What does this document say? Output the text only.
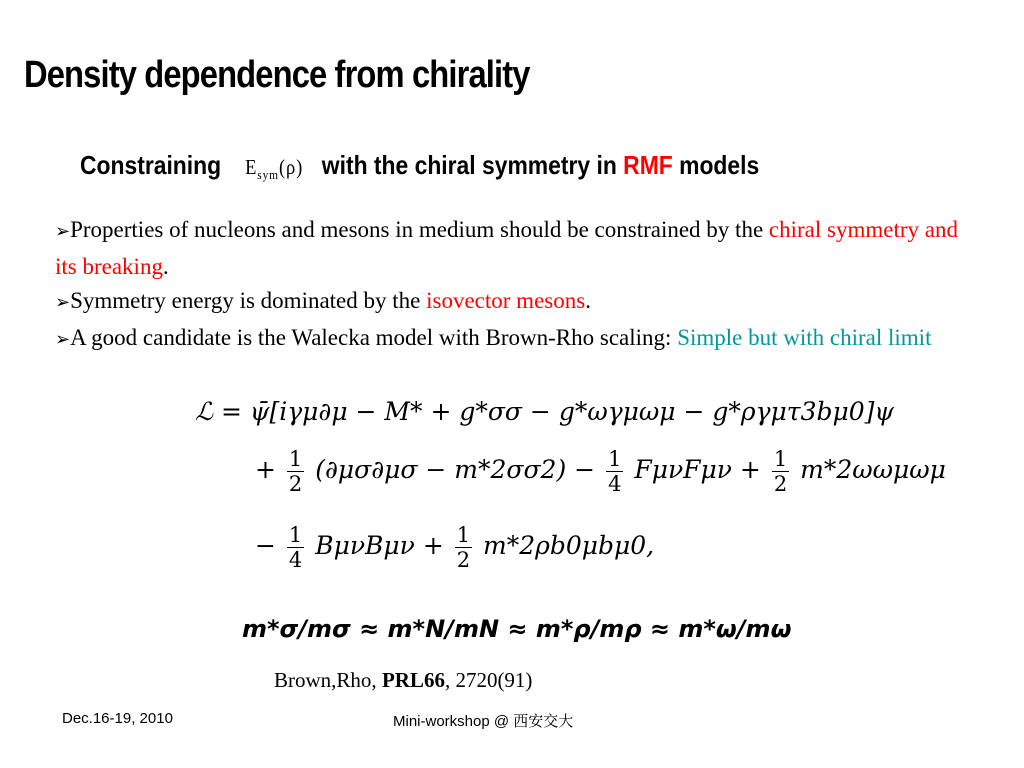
Density dependence from chirality
Constraining $E_{sym}(\rho)$ with the chiral symmetry in RMF models

➢Properties of nucleons and mesons in medium should be constrained by the chiral symmetry and its breaking.

➢Symmetry energy is dominated by the isovector mesons.

➢A good candidate is the Walecka model with Brown-Rho scaling: Simple but with chiral limit

ℒ = ψ̄[iγμ∂μ − M* + g*σσ − g*ωγμωμ − g*ργμτ3bμ0]ψ
+ $\frac{1}{2} (\partial\mu\sigma\partial\mu\sigma - m*2\sigma\sigma 2) - \frac{1}{4}$ $F\mu\nu F\mu\nu + \frac{1}{2} m*2\omega\omega\mu\omega\mu$
− $\frac{1}{4}$ $B\mu\nu B\mu\nu + \frac{1}{2} m*2\rho b0\mu b\mu 0$,
m*σ/mσ ≈ m*N/mN ≈ m*ρ/mρ ≈ m*ω/mω
Brown,Rho, PRL66, 2720(91)
Dec.16-19, 2010	Mini-workshop @ 西安交大
